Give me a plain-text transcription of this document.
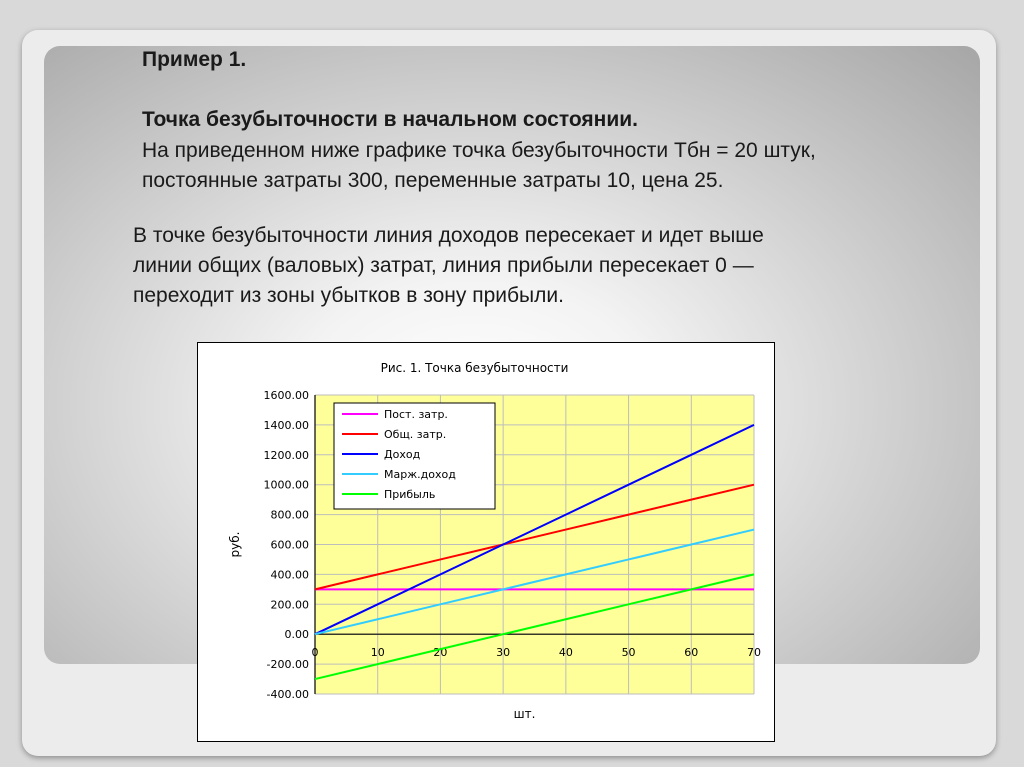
Пример 1.
Точка безубыточности в начальном состоянии.
На приведенном ниже графике точка безубыточности Тбн = 20 штук,
постоянные затраты 300, переменные затраты 10, цена 25.
В точке безубыточности линия доходов пересекает и идет выше
линии общих (валовых) затрат, линия прибыли пересекает 0 —
переходит из зоны убытков в зону прибыли.
-400.00
-200.00
0.00
200.00
400.00
600.00
800.00
1000.00
1200.00
1400.00
1600.00
0	10	20	30	40	50	60	70
Рис. 1. Точка безубыточности
шт.
руб.
Пост. затр.
Общ. затр.
Доход
Марж.доход
Прибыль
